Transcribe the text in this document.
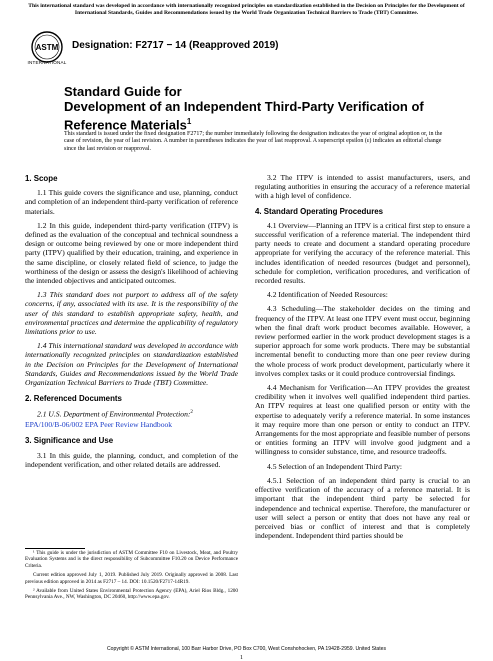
This international standard was developed in accordance with internationally recognized principles on standardization established in the Decision on Principles for the Development of International Standards, Guides and Recommendations issued by the World Trade Organization Technical Barriers to Trade (TBT) Committee.
ASTM
INTERNATIONAL
Designation: F2717 − 14 (Reapproved 2019)
Standard Guide for
Development of an Independent Third-Party Verification of Reference Materials$^1$
This standard is issued under the fixed designation F2717; the number immediately following the designation indicates the year of original adoption or, in the case of revision, the year of last revision. A number in parentheses indicates the year of last reapproval. A superscript epsilon (ε) indicates an editorial change since the last revision or reapproval.
1. Scope

1.1 This guide covers the significance and use, planning, conduct and completion of an independent third-party verification of reference materials.

1.2 In this guide, independent third-party verification (ITPV) is defined as the evaluation of the conceptual and technical soundness a design or outcome being reviewed by one or more independent third party (ITPV) qualified by their education, training, and experience in the same discipline, or closely related field of science, to judge the worthiness of the design or assess the design's likelihood of achieving the intended objectives and anticipated outcomes.

1.3 This standard does not purport to address all of the safety concerns, if any, associated with its use. It is the responsibility of the user of this standard to establish appropriate safety, health, and environmental practices and determine the applicability of regulatory limitations prior to use.

1.4 This international standard was developed in accordance with internationally recognized principles on standardization established in the Decision on Principles for the Development of International Standards, Guides and Recommendations issued by the World Trade Organization Technical Barriers to Trade (TBT) Committee.

2. Referenced Documents

2.1 U.S. Department of Environmental Protection:$^2$

EPA/100/B-06/002 EPA Peer Review Handbook

3. Significance and Use

3.1 In this guide, the planning, conduct, and completion of the independent verification, and other related details are addressed.

¹ This guide is under the jurisdiction of ASTM Committee F10 on Livestock, Meat, and Poultry Evaluation Systems and is the direct responsibility of Subcommittee F10.20 on Device Performance Criteria.

Current edition approved July 1, 2019. Published July 2019. Originally approved in 2008. Last previous edition approved in 2014 as F2717 – 14. DOI: 10.1520/F2717-14R19.

² Available from United States Environmental Protection Agency (EPA), Ariel Rios Bldg., 1200 Pennsylvania Ave., NW, Washington, DC 20460, http://www.epa.gov.

3.2 The ITPV is intended to assist manufacturers, users, and regulating authorities in ensuring the accuracy of a reference material with a high level of confidence.

4. Standard Operating Procedures

4.1 Overview—Planning an ITPV is a critical first step to ensure a successful verification of a reference material. The independent third party needs to create and document a standard operating procedure appropriate for verifying the accuracy of the reference material. This includes identification of needed resources (budget and personnel), schedule for completion, verification procedures, and verification of recorded results.

4.2 Identification of Needed Resources:

4.3 Scheduling—The stakeholder decides on the timing and frequency of the ITPV. At least one ITPV event must occur, beginning when the final draft work product becomes available. However, a review performed earlier in the work product development stages is a superior approach for some work products. There may be substantial incremental benefit to conducting more than one peer review during the whole process of work product development, particularly where it involves complex tasks or it could produce controversial findings.

4.4 Mechanism for Verification—An ITPV provides the greatest credibility when it involves well qualified independent third parties. An ITPV requires at least one qualified person or entity with the expertise to adequately verify a reference material. In some instances it may require more than one person or entity to conduct an ITPV. Arrangements for the most appropriate and feasible number of persons or entities forming an ITPV will involve good judgment and a willingness to consider substance, time, and resource tradeoffs.

4.5 Selection of an Independent Third Party:

4.5.1 Selection of an independent third party is crucial to an effective verification of the accuracy of a reference material. It is important that the independent third party be selected for independence and technical expertise. Therefore, the manufacturer or user will select a person or entity that does not have any real or perceived bias or conflict of interest and that is completely independent. Independent third parties should be

Copyright © ASTM International, 100 Barr Harbor Drive, PO Box C700, West Conshohocken, PA 19428-2959. United States
1
